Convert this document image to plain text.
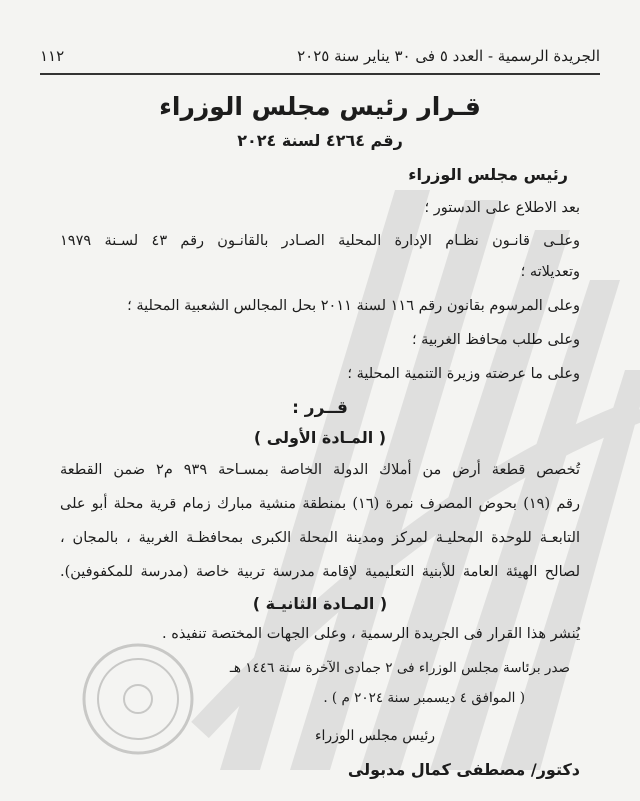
الجريدة الرسمية - العدد ٥ فى ٣٠ يناير سنة ٢٠٢٥
١١٢
قـرار رئيس مجلس الوزراء
رقم ٤٢٦٤ لسنة ٢٠٢٤
رئيس مجلس الوزراء
بعد الاطلاع على الدستور ؛
وعلـى قانـون نظـام الإدارة المحلية الصـادر بالقانـون رقم ٤٣ لسـنة ١٩٧٩
وتعديلاته ؛
وعلى المرسوم بقانون رقم ١١٦ لسنة ٢٠١١ بحل المجالس الشعبية المحلية ؛
وعلى طلب محافظ الغربية ؛
وعلى ما عرضته وزيرة التنمية المحلية ؛
قــرر :
( المـادة الأولى )
تُخصص قطعة أرض من أملاك الدولة الخاصة بمسـاحة ٩٣٩ م٢ ضمن القطعة
رقم (١٩) بحوض المصرف نمرة (١٦) بمنطقة منشية مبارك زمام قرية محلة أبو على
التابعـة للوحدة المحليـة لمركز ومدينة المحلة الكبرى بمحافظـة الغربية ، بالمجان ،
لصالح الهيئة العامة للأبنية التعليمية لإقامة مدرسة تربية خاصة (مدرسة للمكفوفين).
( المـادة الثانيـة )
يُنشر هذا القرار فى الجريدة الرسمية ، وعلى الجهات المختصة تنفيذه .
صدر برئاسة مجلس الوزراء فى ٢ جمادى الآخرة سنة ١٤٤٦ هـ
( الموافق ٤ ديسمبر سنة ٢٠٢٤ م ) .
رئيس مجلس الوزراء
دكتور/ مصطفى كمال مدبولى
